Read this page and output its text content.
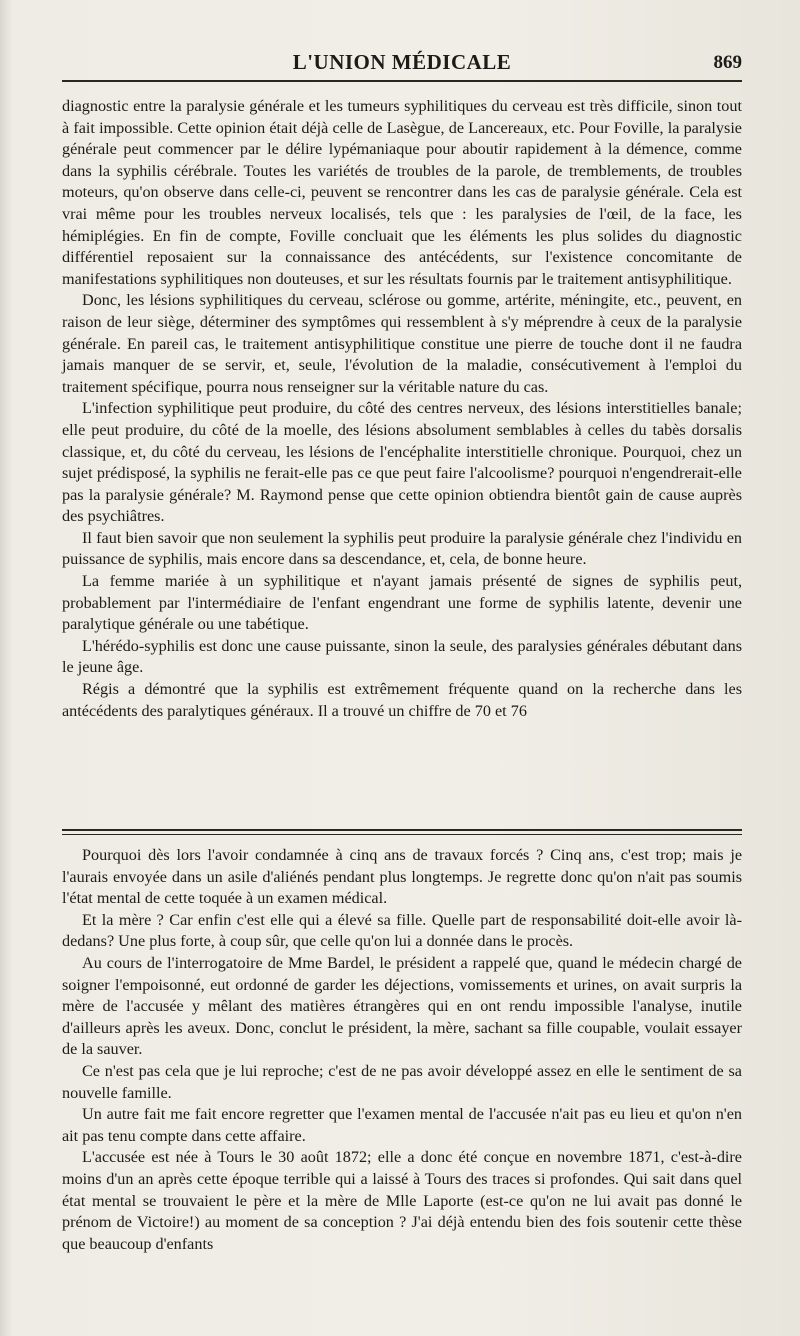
L'UNION MÉDICALE	869

diagnostic entre la paralysie générale et les tumeurs syphilitiques du cerveau est très difficile, sinon tout à fait impossible. Cette opinion était déjà celle de Lasègue, de Lancereaux, etc. Pour Foville, la paralysie générale peut commencer par le délire lypémaniaque pour aboutir rapidement à la démence, comme dans la syphilis cérébrale. Toutes les variétés de troubles de la parole, de tremblements, de troubles moteurs, qu'on observe dans celle-ci, peuvent se rencontrer dans les cas de paralysie générale. Cela est vrai même pour les troubles nerveux localisés, tels que : les paralysies de l'œil, de la face, les hémiplégies. En fin de compte, Foville concluait que les éléments les plus solides du diagnostic différentiel reposaient sur la connaissance des antécédents, sur l'existence concomitante de manifestations syphilitiques non douteuses, et sur les résultats fournis par le traitement antisyphilitique.

Donc, les lésions syphilitiques du cerveau, sclérose ou gomme, artérite, méningite, etc., peuvent, en raison de leur siège, déterminer des symptômes qui ressemblent à s'y méprendre à ceux de la paralysie générale. En pareil cas, le traitement antisyphilitique constitue une pierre de touche dont il ne faudra jamais manquer de se servir, et, seule, l'évolution de la maladie, consécutivement à l'emploi du traitement spécifique, pourra nous renseigner sur la véritable nature du cas.

L'infection syphilitique peut produire, du côté des centres nerveux, des lésions interstitielles banale; elle peut produire, du côté de la moelle, des lésions absolument semblables à celles du tabès dorsalis classique, et, du côté du cerveau, les lésions de l'encéphalite interstitielle chronique. Pourquoi, chez un sujet prédisposé, la syphilis ne ferait-elle pas ce que peut faire l'alcoolisme? pourquoi n'engendrerait-elle pas la paralysie générale? M. Raymond pense que cette opinion obtiendra bientôt gain de cause auprès des psychiâtres.

Il faut bien savoir que non seulement la syphilis peut produire la paralysie générale chez l'individu en puissance de syphilis, mais encore dans sa descendance, et, cela, de bonne heure.

La femme mariée à un syphilitique et n'ayant jamais présenté de signes de syphilis peut, probablement par l'intermédiaire de l'enfant engendrant une forme de syphilis latente, devenir une paralytique générale ou une tabétique.

L'hérédo-syphilis est donc une cause puissante, sinon la seule, des paralysies générales débutant dans le jeune âge.

Régis a démontré que la syphilis est extrêmement fréquente quand on la recherche dans les antécédents des paralytiques généraux. Il a trouvé un chiffre de 70 et 76

Pourquoi dès lors l'avoir condamnée à cinq ans de travaux forcés ? Cinq ans, c'est trop; mais je l'aurais envoyée dans un asile d'aliénés pendant plus longtemps. Je regrette donc qu'on n'ait pas soumis l'état mental de cette toquée à un examen médical.

Et la mère ? Car enfin c'est elle qui a élevé sa fille. Quelle part de responsabilité doit-elle avoir là-dedans? Une plus forte, à coup sûr, que celle qu'on lui a donnée dans le procès.

Au cours de l'interrogatoire de Mme Bardel, le président a rappelé que, quand le médecin chargé de soigner l'empoisonné, eut ordonné de garder les déjections, vomissements et urines, on avait surpris la mère de l'accusée y mêlant des matières étrangères qui en ont rendu impossible l'analyse, inutile d'ailleurs après les aveux. Donc, conclut le président, la mère, sachant sa fille coupable, voulait essayer de la sauver.

Ce n'est pas cela que je lui reproche; c'est de ne pas avoir développé assez en elle le sentiment de sa nouvelle famille.

Un autre fait me fait encore regretter que l'examen mental de l'accusée n'ait pas eu lieu et qu'on n'en ait pas tenu compte dans cette affaire.

L'accusée est née à Tours le 30 août 1872; elle a donc été conçue en novembre 1871, c'est-à-dire moins d'un an après cette époque terrible qui a laissé à Tours des traces si profondes. Qui sait dans quel état mental se trouvaient le père et la mère de Mlle Laporte (est-ce qu'on ne lui avait pas donné le prénom de Victoire!) au moment de sa conception ? J'ai déjà entendu bien des fois soutenir cette thèse que beaucoup d'enfants
